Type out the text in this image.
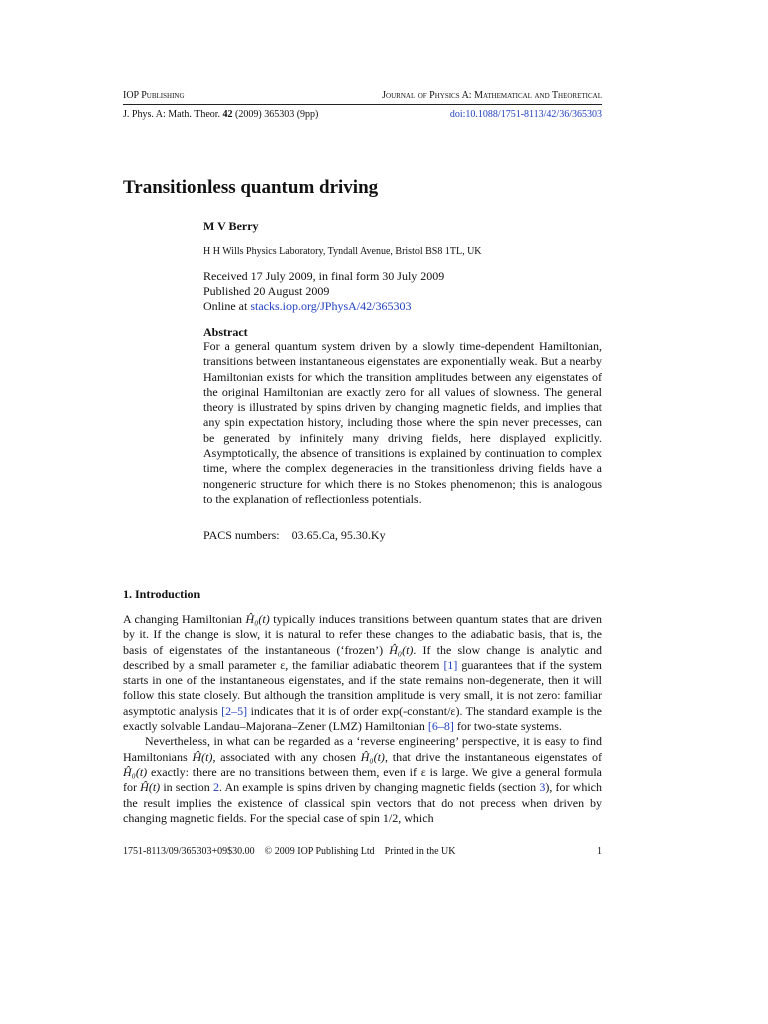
IOP Publishing	Journal of Physics A: Mathematical and Theoretical
J. Phys. A: Math. Theor. 42 (2009) 365303 (9pp)	doi:10.1088/1751-8113/42/36/365303
Transitionless quantum driving
M V Berry
H H Wills Physics Laboratory, Tyndall Avenue, Bristol BS8 1TL, UK
Received 17 July 2009, in final form 30 July 2009
Published 20 August 2009
Online at stacks.iop.org/JPhysA/42/365303
Abstract
For a general quantum system driven by a slowly time-dependent Hamiltonian, transitions between instantaneous eigenstates are exponentially weak. But a nearby Hamiltonian exists for which the transition amplitudes between any eigenstates of the original Hamiltonian are exactly zero for all values of slowness. The general theory is illustrated by spins driven by changing magnetic fields, and implies that any spin expectation history, including those where the spin never precesses, can be generated by infinitely many driving fields, here displayed explicitly. Asymptotically, the absence of transitions is explained by continuation to complex time, where the complex degeneracies in the transitionless driving fields have a nongeneric structure for which there is no Stokes phenomenon; this is analogous to the explanation of reflectionless potentials.
PACS numbers: 03.65.Ca, 95.30.Ky
1. Introduction

A changing Hamiltonian Ĥ₀(t) typically induces transitions between quantum states that are driven by it. If the change is slow, it is natural to refer these changes to the adiabatic basis, that is, the basis of eigenstates of the instantaneous (‘frozen’) Ĥ₀(t). If the slow change is analytic and described by a small parameter ε, the familiar adiabatic theorem [1] guarantees that if the system starts in one of the instantaneous eigenstates, and if the state remains non-degenerate, then it will follow this state closely. But although the transition amplitude is very small, it is not zero: familiar asymptotic analysis [2–5] indicates that it is of order exp(-constant/ε). The standard example is the exactly solvable Landau–Majorana–Zener (LMZ) Hamiltonian [6–8] for two-state systems.

Nevertheless, in what can be regarded as a ‘reverse engineering’ perspective, it is easy to find Hamiltonians Ĥ(t), associated with any chosen Ĥ₀(t), that drive the instantaneous eigenstates of Ĥ₀(t) exactly: there are no transitions between them, even if ε is large. We give a general formula for Ĥ(t) in section 2. An example is spins driven by changing magnetic fields (section 3), for which the result implies the existence of classical spin vectors that do not precess when driven by changing magnetic fields. For the special case of spin 1/2, which

1751-8113/09/365303+09$30.00 © 2009 IOP Publishing Ltd Printed in the UK	1
